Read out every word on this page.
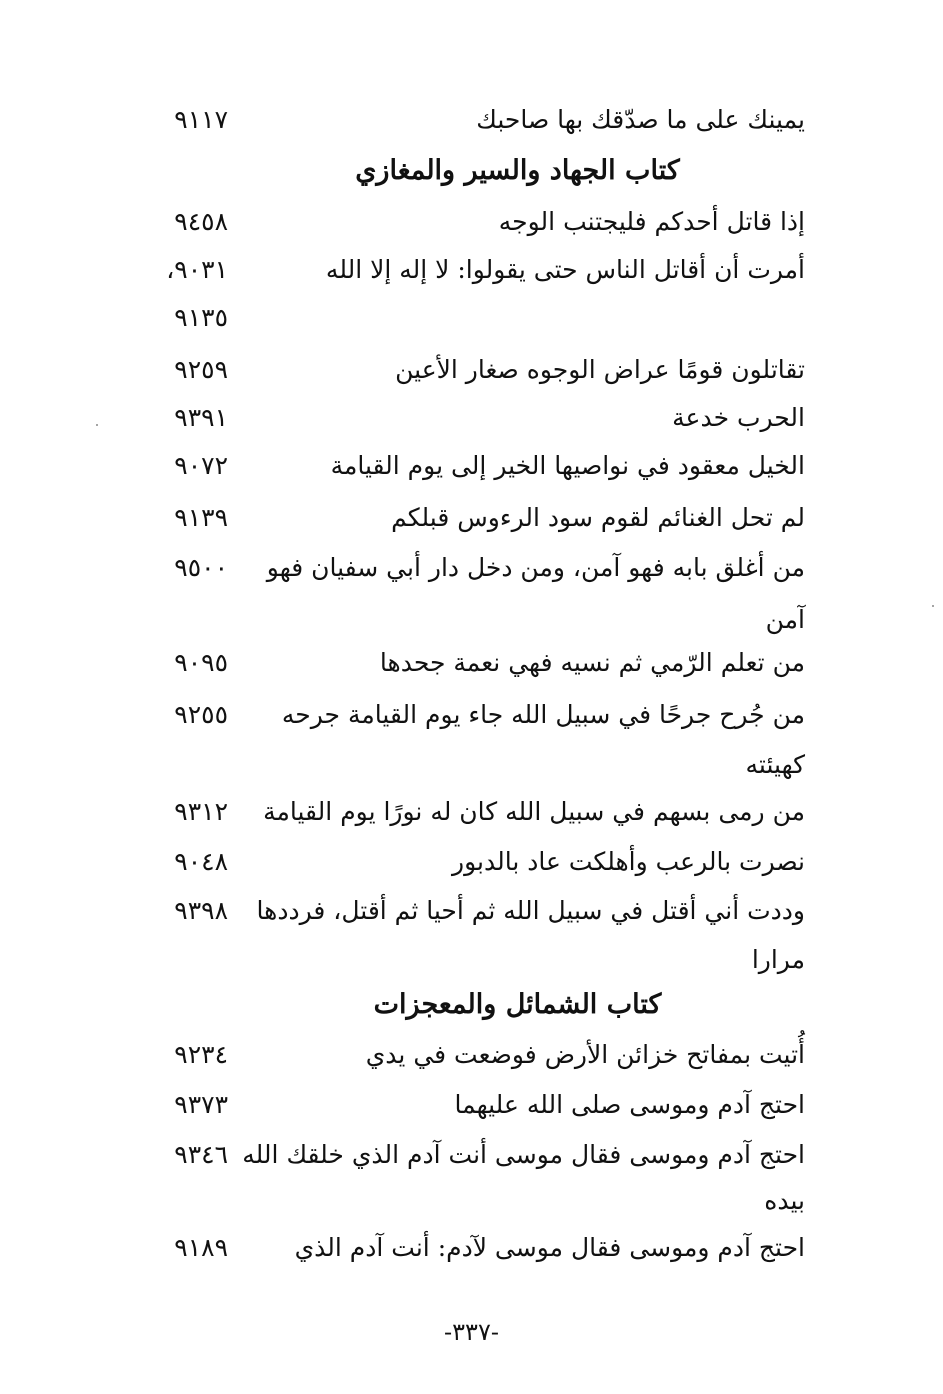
يمينك على ما صدّقك بها صاحبك
٩١١٧
كتاب الجهاد والسير والمغازي
إذا قاتل أحدكم فليجتنب الوجه
٩٤٥٨
أمرت أن أقاتل الناس حتى يقولوا: لا إله إلا الله
٩٠٣١،
٩١٣٥
تقاتلون قومًا عراض الوجوه صغار الأعين
٩٢٥٩
الحرب خدعة
٩٣٩١
الخيل معقود في نواصيها الخير إلى يوم القيامة
٩٠٧٢
لم تحل الغنائم لقوم سود الرءوس قبلكم
٩١٣٩
من أغلق بابه فهو آمن، ومن دخل دار أبي سفيان فهو
آمن
٩٥٠٠
من تعلم الرّمي ثم نسيه فهي نعمة جحدها
٩٠٩٥
من جُرح جرحًا في سبيل الله جاء يوم القيامة جرحه
كهيئته
٩٢٥٥
من رمى بسهم في سبيل الله كان له نورًا يوم القيامة
٩٣١٢
نصرت بالرعب وأهلكت عاد بالدبور
٩٠٤٨
وددت أني أقتل في سبيل الله ثم أحيا ثم أقتل، فرددها
مرارا
٩٣٩٨
كتاب الشمائل والمعجزات
أُتيت بمفاتح خزائن الأرض فوضعت في يدي
٩٢٣٤
احتج آدم وموسى صلى الله عليهما
٩٣٧٣
احتج آدم وموسى فقال موسى أنت آدم الذي خلقك الله
بيده
٩٣٤٦
احتج آدم وموسى فقال موسى لآدم: أنت آدم الذي
٩١٨٩
-٣٣٧-
